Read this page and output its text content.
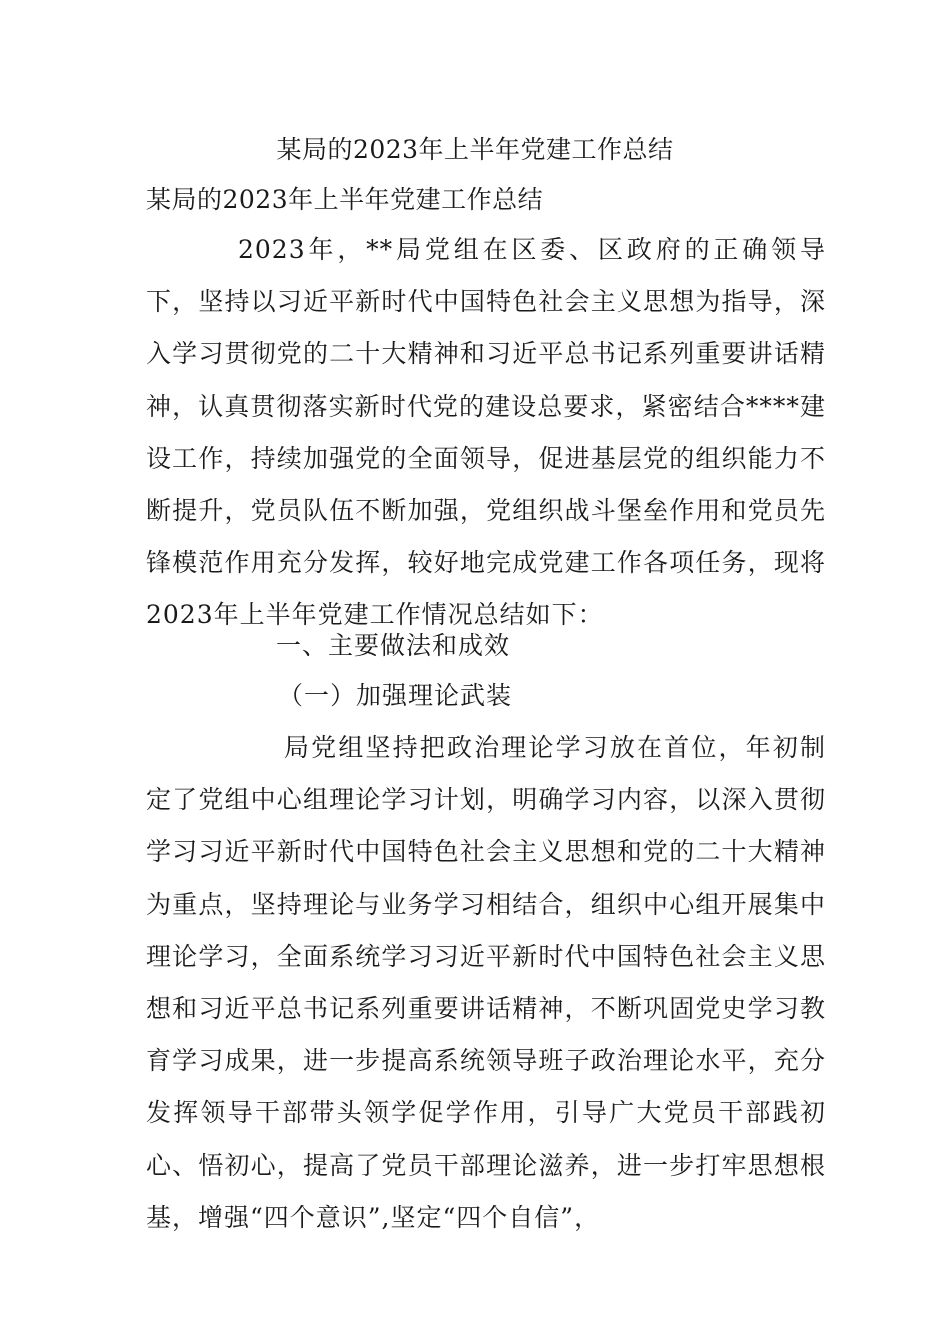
某局的2023年上半年党建工作总结
某局的2023年上半年党建工作总结

2023年，**局党组在区委、区政府的正确领导下，坚持以习近平新时代中国特色社会主义思想为指导，深入学习贯彻党的二十大精神和习近平总书记系列重要讲话精神，认真贯彻落实新时代党的建设总要求，紧密结合****建设工作，持续加强党的全面领导，促进基层党的组织能力不断提升，党员队伍不断加强，党组织战斗堡垒作用和党员先锋模范作用充分发挥，较好地完成党建工作各项任务，现将2023年上半年党建工作情况总结如下：

一、主要做法和成效
（一）加强理论武装

局党组坚持把政治理论学习放在首位，年初制定了党组中心组理论学习计划，明确学习内容，以深入贯彻学习习近平新时代中国特色社会主义思想和党的二十大精神为重点，坚持理论与业务学习相结合，组织中心组开展集中理论学习，全面系统学习习近平新时代中国特色社会主义思想和习近平总书记系列重要讲话精神，不断巩固党史学习教育学习成果，进一步提高系统领导班子政治理论水平，充分发挥领导干部带头领学促学作用，引导广大党员干部践初心、悟初心，提高了党员干部理论滋养，进一步打牢思想根基，增强“四个意识”,坚定“四个自信”，
